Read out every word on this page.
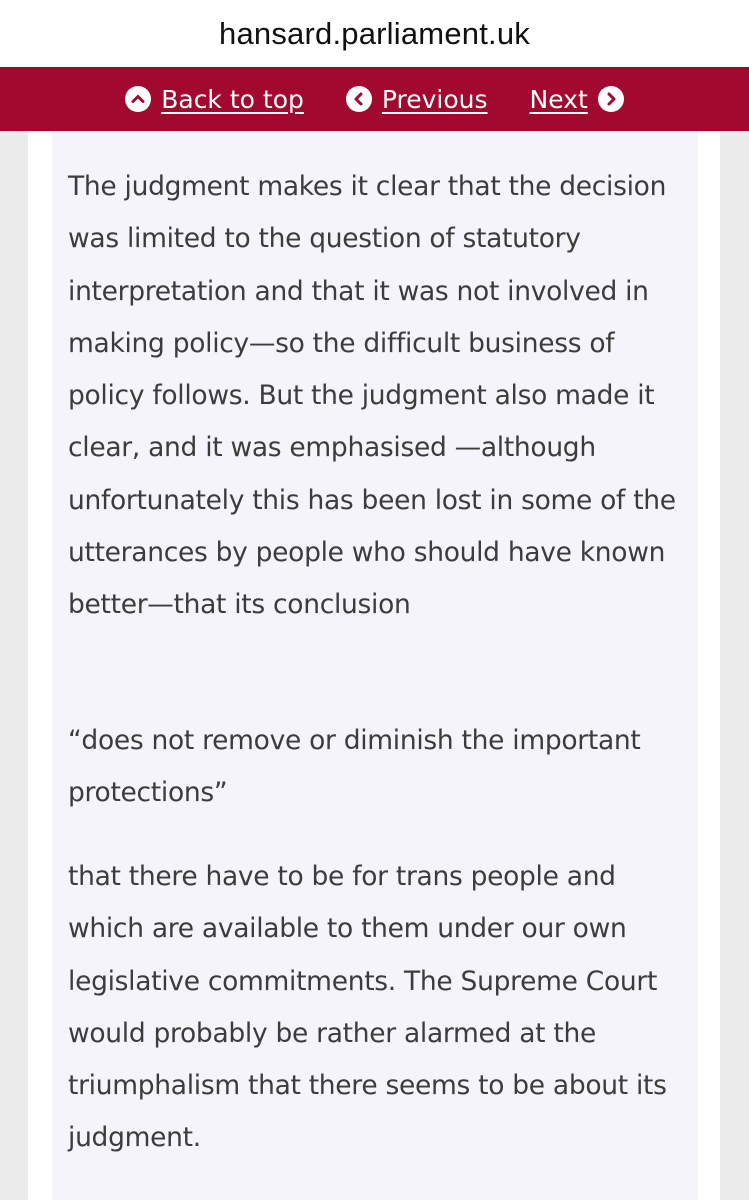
hansard.parliament.uk
Back to top	Previous Next

The judgment makes it clear that the decision was limited to the question of statutory interpretation and that it was not involved in making policy—so the difficult business of policy follows. But the judgment also made it clear, and it was emphasised —although unfortunately this has been lost in some of the utterances by people who should have known better—that its conclusion

“does not remove or diminish the important protections”

that there have to be for trans people and which are available to them under our own legislative commitments. The Supreme Court would probably be rather alarmed at the triumphalism that there seems to be about its judgment.
